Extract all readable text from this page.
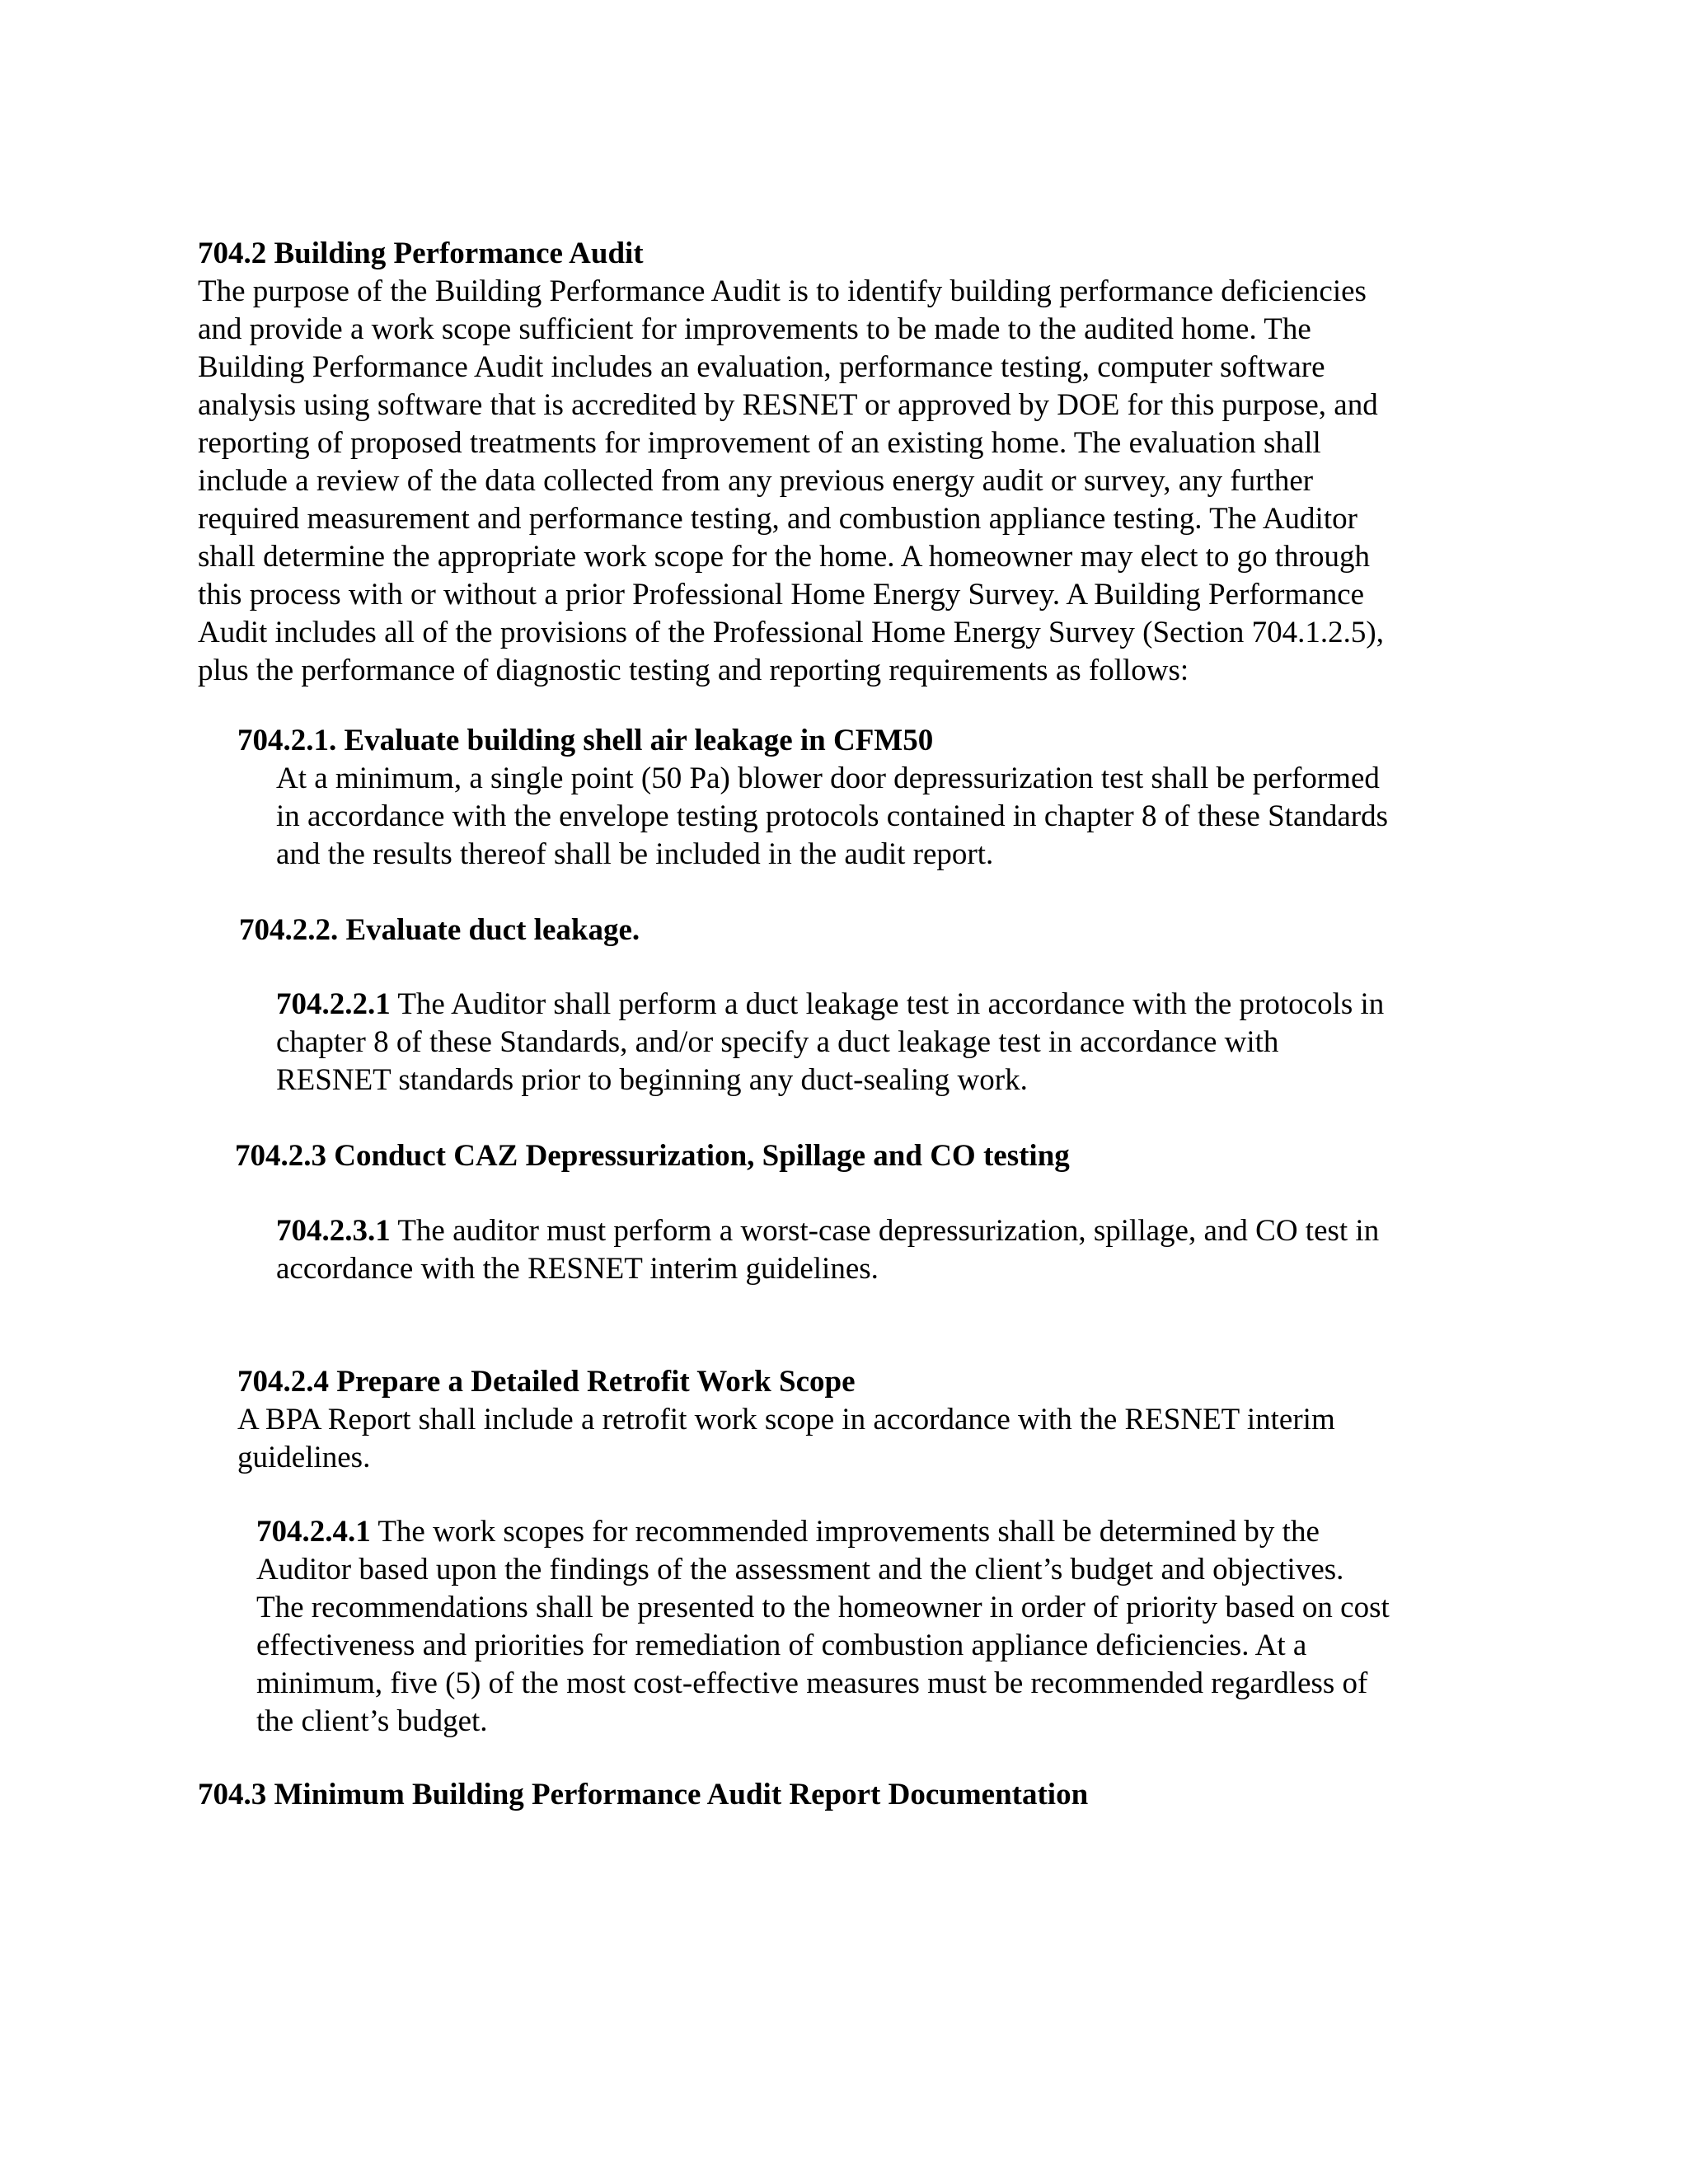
704.2 Building Performance Audit
The purpose of the Building Performance Audit is to identify building performance deficiencies
and provide a work scope sufficient for improvements to be made to the audited home. The
Building Performance Audit includes an evaluation, performance testing, computer software
analysis using software that is accredited by RESNET or approved by DOE for this purpose, and
reporting of proposed treatments for improvement of an existing home. The evaluation shall
include a review of the data collected from any previous energy audit or survey, any further
required measurement and performance testing, and combustion appliance testing. The Auditor
shall determine the appropriate work scope for the home. A homeowner may elect to go through
this process with or without a prior Professional Home Energy Survey. A Building Performance
Audit includes all of the provisions of the Professional Home Energy Survey (Section 704.1.2.5),
plus the performance of diagnostic testing and reporting requirements as follows:
704.2.1. Evaluate building shell air leakage in CFM50
At a minimum, a single point (50 Pa) blower door depressurization test shall be performed
in accordance with the envelope testing protocols contained in chapter 8 of these Standards
and the results thereof shall be included in the audit report.
704.2.2. Evaluate duct leakage.
704.2.2.1 The Auditor shall perform a duct leakage test in accordance with the protocols in
chapter 8 of these Standards, and/or specify a duct leakage test in accordance with
RESNET standards prior to beginning any duct-sealing work.
704.2.3 Conduct CAZ Depressurization, Spillage and CO testing
704.2.3.1 The auditor must perform a worst-case depressurization, spillage, and CO test in
accordance with the RESNET interim guidelines.
704.2.4 Prepare a Detailed Retrofit Work Scope
A BPA Report shall include a retrofit work scope in accordance with the RESNET interim
guidelines.
704.2.4.1 The work scopes for recommended improvements shall be determined by the
Auditor based upon the findings of the assessment and the client’s budget and objectives.
The recommendations shall be presented to the homeowner in order of priority based on cost
effectiveness and priorities for remediation of combustion appliance deficiencies. At a
minimum, five (5) of the most cost-effective measures must be recommended regardless of
the client’s budget.
704.3 Minimum Building Performance Audit Report Documentation
